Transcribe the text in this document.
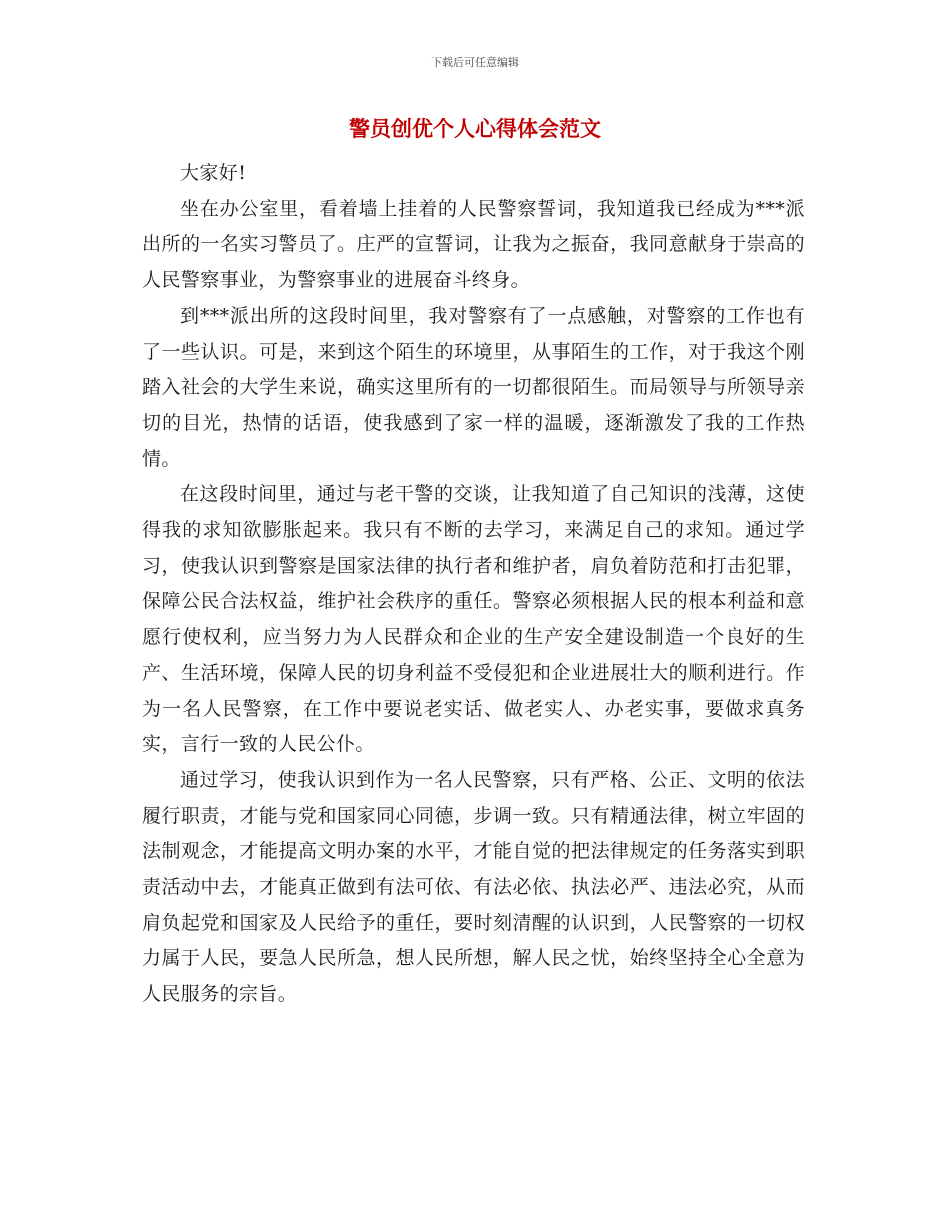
下载后可任意编辑
警员创优个人心得体会范文

大家好!

坐在办公室里，看着墙上挂着的人民警察誓词，我知道我已经成为***派出所的一名实习警员了。庄严的宣誓词，让我为之振奋，我同意献身于崇高的人民警察事业，为警察事业的进展奋斗终身。

到***派出所的这段时间里，我对警察有了一点感触，对警察的工作也有了一些认识。可是，来到这个陌生的环境里，从事陌生的工作，对于我这个刚踏入社会的大学生来说，确实这里所有的一切都很陌生。而局领导与所领导亲切的目光，热情的话语，使我感到了家一样的温暖，逐渐激发了我的工作热情。

在这段时间里，通过与老干警的交谈，让我知道了自己知识的浅薄，这使得我的求知欲膨胀起来。我只有不断的去学习，来满足自己的求知。通过学习，使我认识到警察是国家法律的执行者和维护者，肩负着防范和打击犯罪，保障公民合法权益，维护社会秩序的重任。警察必须根据人民的根本利益和意愿行使权利，应当努力为人民群众和企业的生产安全建设制造一个良好的生产、生活环境，保障人民的切身利益不受侵犯和企业进展壮大的顺利进行。作为一名人民警察，在工作中要说老实话、做老实人、办老实事，要做求真务实，言行一致的人民公仆。

通过学习，使我认识到作为一名人民警察，只有严格、公正、文明的依法履行职责，才能与党和国家同心同德，步调一致。只有精通法律，树立牢固的法制观念，才能提高文明办案的水平，才能自觉的把法律规定的任务落实到职责活动中去，才能真正做到有法可依、有法必依、执法必严、违法必究，从而肩负起党和国家及人民给予的重任，要时刻清醒的认识到，人民警察的一切权力属于人民，要急人民所急，想人民所想，解人民之忧，始终坚持全心全意为人民服务的宗旨。
